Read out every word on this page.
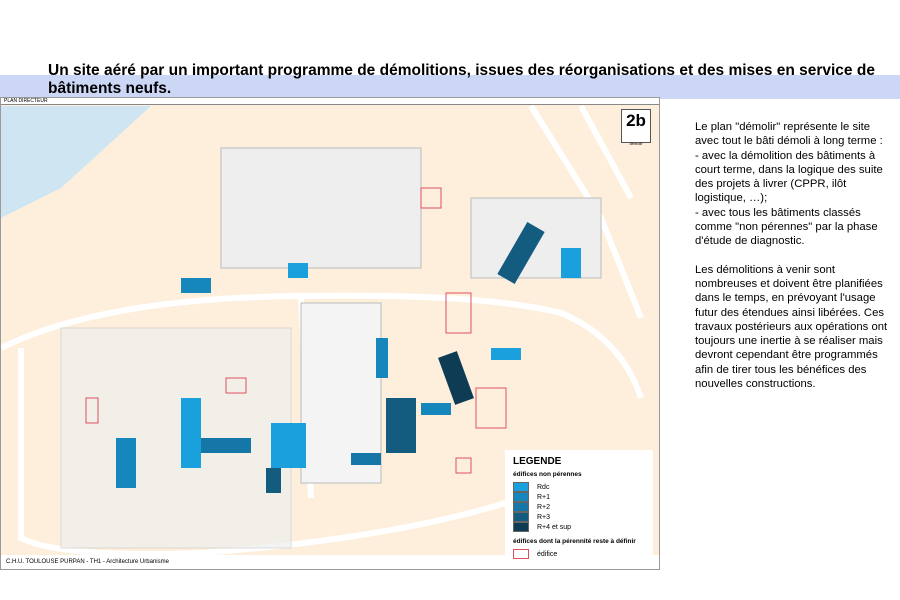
Un site aéré par un important programme de démolitions, issues des réorganisations et des mises en service de bâtiments neufs.
PLAN DIRECTEUR
2b
démolir
C.H.U. TOULOUSE PURPAN - TH1 - Architecture Urbanisme
LEGENDE
édifices non pérennes
Rdc
R+1
R+2
R+3
R+4 et sup
édifices dont la pérennité reste à définir
édifice

Le plan "démolir" représente le site avec tout le bâti démoli à long terme :
- avec la démolition des bâtiments à court terme, dans la logique des suite des projets à livrer (CPPR, ilôt logistique, …);
- avec tous les bâtiments classés comme "non pérennes" par la phase d'étude de diagnostic.

Les démolitions à venir sont nombreuses et doivent être planifiées dans le temps, en prévoyant l'usage futur des étendues ainsi libérées. Ces travaux postérieurs aux opérations ont toujours une inertie à se réaliser mais devront cependant être programmés afin de tirer tous les bénéfices des nouvelles constructions.
